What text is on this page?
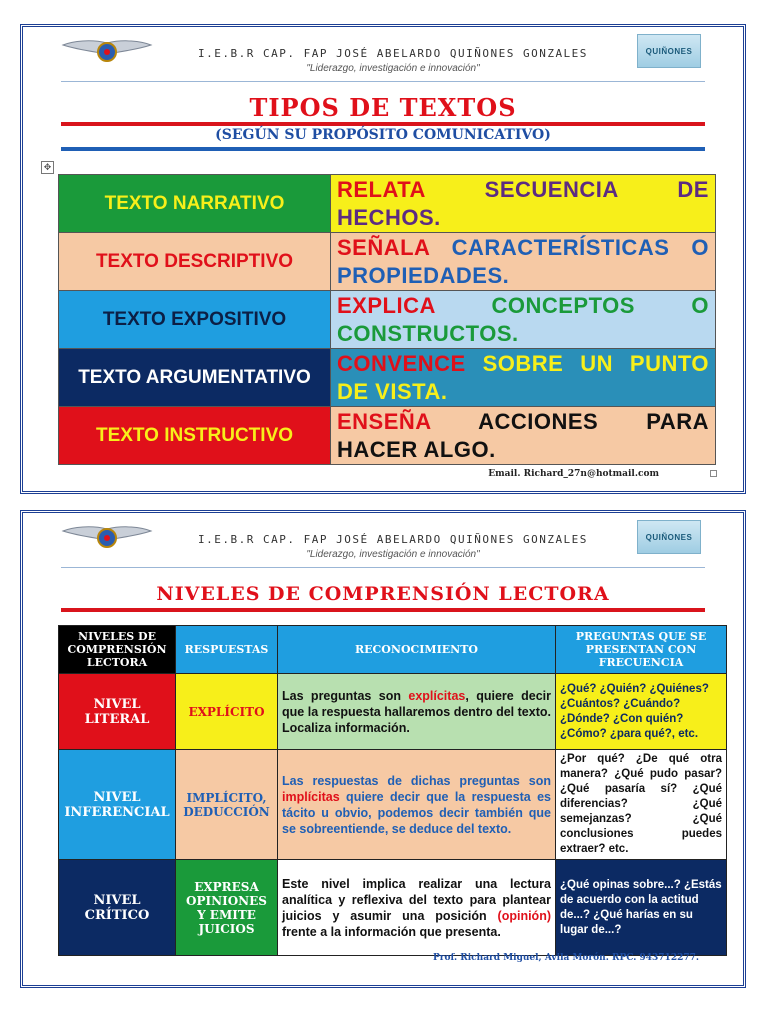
I.E.B.R CAP. FAP JOSÉ ABELARDO QUIÑONES GONZALES
"Liderazgo, investigación e innovación"
QUIÑONES
TIPOS DE TEXTOS
(SEGÚN SU PROPÓSITO COMUNICATIVO)
✥
TEXTO NARRATIVO	RELATA SECUENCIA DE HECHOS.
TEXTO DESCRIPTIVO	SEÑALA CARACTERÍSTICAS O PROPIEDADES.
TEXTO EXPOSITIVO	EXPLICA CONCEPTOS O CONSTRUCTOS.
TEXTO ARGUMENTATIVO	CONVENCE SOBRE UN PUNTO DE VISTA.
TEXTO INSTRUCTIVO	ENSEÑA ACCIONES PARA HACER ALGO.
Email. Richard_27n@hotmail.com
I.E.B.R CAP. FAP JOSÉ ABELARDO QUIÑONES GONZALES
"Liderazgo, investigación e innovación"
QUIÑONES
NIVELES DE COMPRENSIÓN LECTORA
NIVELES DE COMPRENSIÓN LECTORA	RESPUESTAS	RECONOCIMIENTO	PREGUNTAS QUE SE PRESENTAN CON FRECUENCIA
NIVEL LITERAL	EXPLÍCITO	Las preguntas son explícitas, quiere decir que la respuesta hallaremos dentro del texto. Localiza información.	¿Qué? ¿Quién? ¿Quiénes? ¿Cuántos? ¿Cuándo? ¿Dónde? ¿Con quién? ¿Cómo? ¿para qué?, etc.
NIVEL INFERENCIAL	IMPLÍCITO, DEDUCCIÓN	Las respuestas de dichas preguntas son implícitas quiere decir que la respuesta es tácito u obvio, podemos decir también que se sobreentiende, se deduce del texto.	¿Por qué? ¿De qué otra manera? ¿Qué pudo pasar? ¿Qué pasaría sí? ¿Qué diferencias? ¿Qué semejanzas? ¿Qué conclusiones puedes extraer? etc.
NIVEL CRÍTICO	EXPRESA OPINIONES Y EMITE JUICIOS	Este nivel implica realizar una lectura analítica y reflexiva del texto para plantear juicios y asumir una posición (opinión) frente a la información que presenta.	¿Qué opinas sobre...? ¿Estás de acuerdo con la actitud de...? ¿Qué harías en su lugar de...?
Prof. Richard Miguel, Avila Morón. RPC. 943712277.
